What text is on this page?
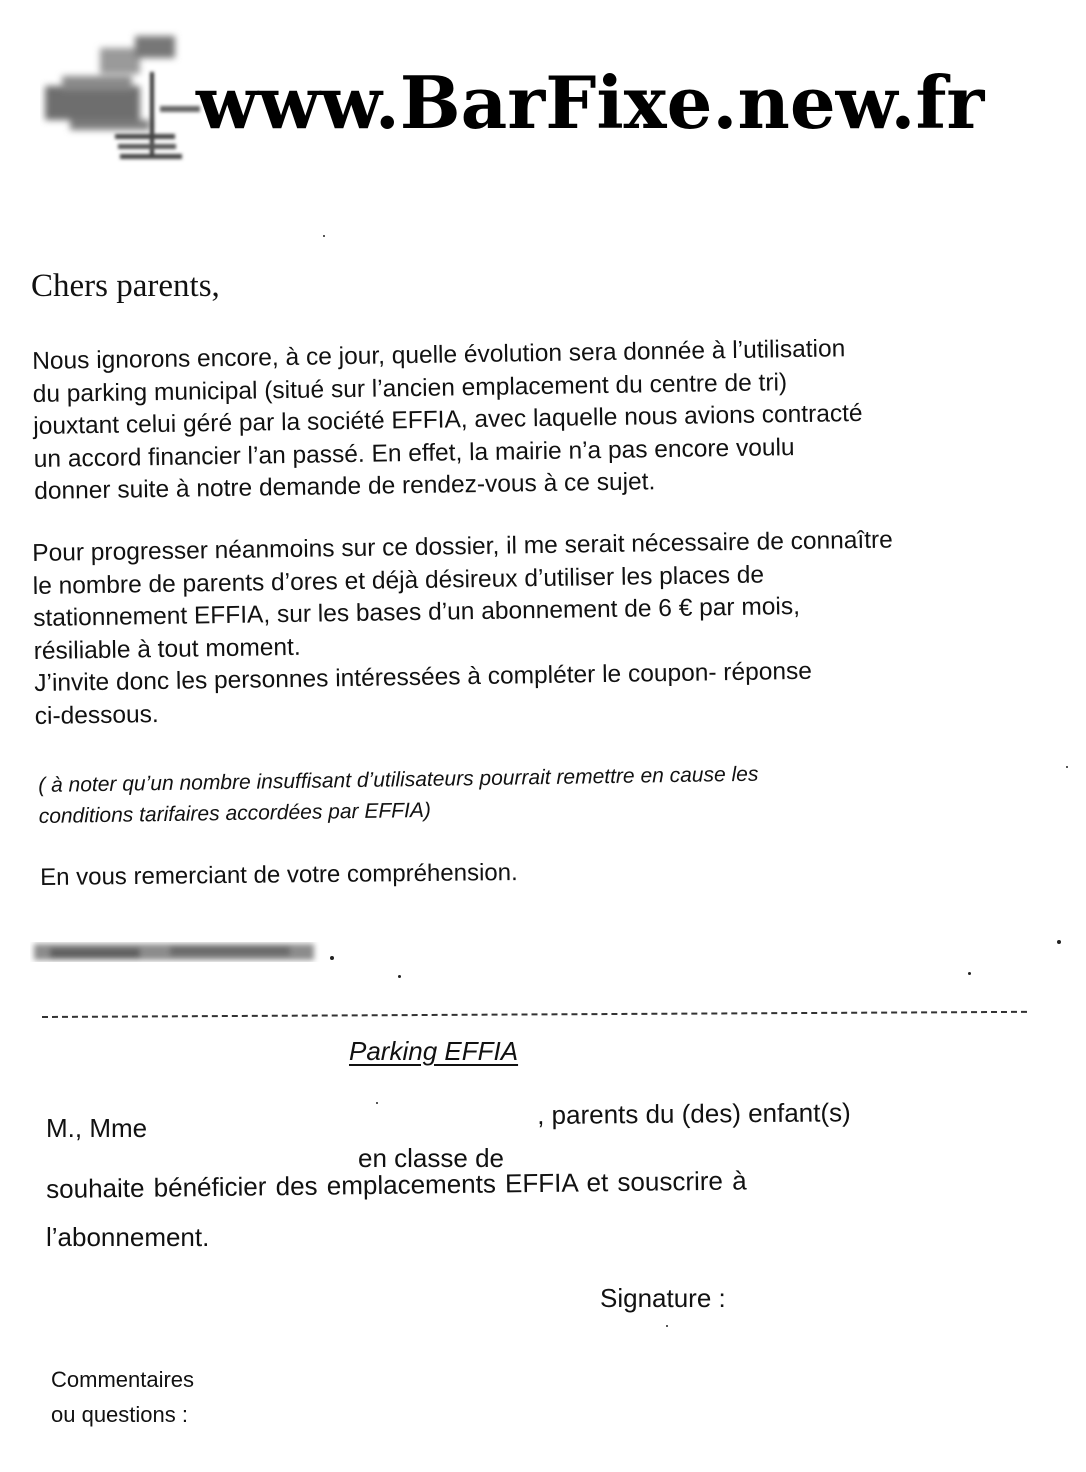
www.BarFixe.new.fr
Chers parents,
Nous ignorons encore, à ce jour, quelle évolution sera donnée à l’utilisation
du parking municipal (situé sur l’ancien emplacement du centre de tri)
jouxtant celui géré par la société EFFIA, avec laquelle nous avions contracté
un accord financier l’an passé. En effet, la mairie n’a pas encore voulu
donner suite à notre demande de rendez-vous à ce sujet.
Pour progresser néanmoins sur ce dossier, il me serait nécessaire de connaître
le nombre de parents d’ores et déjà désireux d’utiliser les places de
stationnement EFFIA, sur les bases d’un abonnement de 6 € par mois,
résiliable à tout moment.
J’invite donc les personnes intéressées à compléter le coupon- réponse
ci-dessous.
( à noter qu’un nombre insuffisant d’utilisateurs pourrait remettre en cause les
conditions tarifaires accordées par EFFIA)
En vous remerciant de votre compréhension.
Parking EFFIA
M., Mme	, parents du (des) enfant(s)
en classe de
souhaite bénéficier des emplacements EFFIA et souscrire à
l’abonnement.
Signature :
Commentaires
ou questions :
